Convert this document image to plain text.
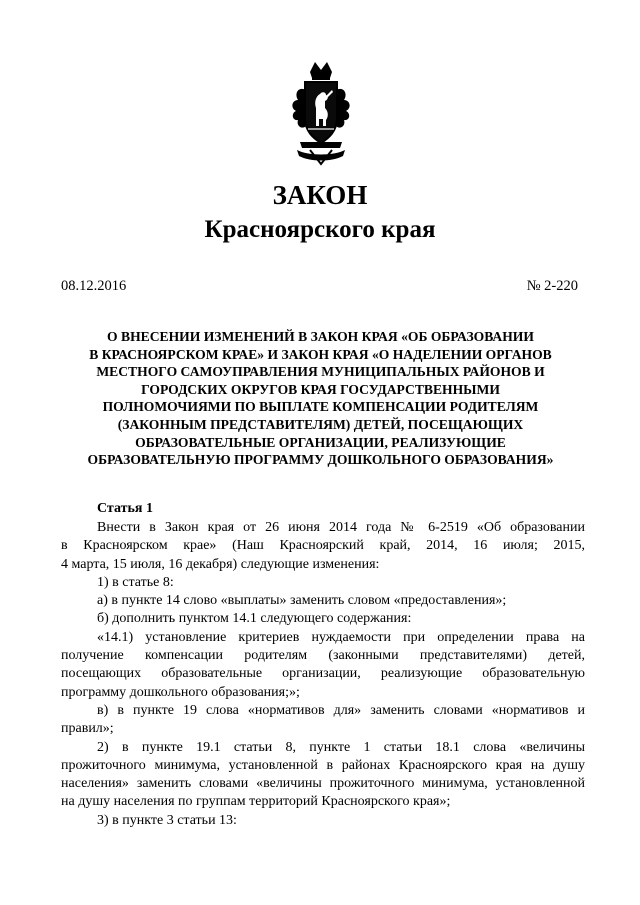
ЗАКОН
Красноярского края
08.12.2016	№ 2-220
О ВНЕСЕНИИ ИЗМЕНЕНИЙ В ЗАКОН КРАЯ «ОБ ОБРАЗОВАНИИ
В КРАСНОЯРСКОМ КРАЕ» И ЗАКОН КРАЯ «О НАДЕЛЕНИИ ОРГАНОВ
МЕСТНОГО САМОУПРАВЛЕНИЯ МУНИЦИПАЛЬНЫХ РАЙОНОВ И
ГОРОДСКИХ ОКРУГОВ КРАЯ ГОСУДАРСТВЕННЫМИ
ПОЛНОМОЧИЯМИ ПО ВЫПЛАТЕ КОМПЕНСАЦИИ РОДИТЕЛЯМ
(ЗАКОННЫМ ПРЕДСТАВИТЕЛЯМ) ДЕТЕЙ, ПОСЕЩАЮЩИХ
ОБРАЗОВАТЕЛЬНЫЕ ОРГАНИЗАЦИИ, РЕАЛИЗУЮЩИЕ
ОБРАЗОВАТЕЛЬНУЮ ПРОГРАММУ ДОШКОЛЬНОГО ОБРАЗОВАНИЯ»
Статья 1
Внести в Закон края от 26 июня 2014 года № 6-2519 «Об образовании
в Красноярском крае» (Наш Красноярский край, 2014, 16 июля; 2015,
4 марта, 15 июля, 16 декабря) следующие изменения:
1) в статье 8:
а) в пункте 14 слово «выплаты» заменить словом «предоставления»;
б) дополнить пунктом 14.1 следующего содержания:
«14.1) установление критериев нуждаемости при определении права на
получение компенсации родителям (законными представителями) детей,
посещающих образовательные организации, реализующие образовательную
программу дошкольного образования;»;
в) в пункте 19 слова «нормативов для» заменить словами «нормативов и
правил»;
2) в пункте 19.1 статьи 8, пункте 1 статьи 18.1 слова «величины
прожиточного минимума, установленной в районах Красноярского края на душу
населения» заменить словами «величины прожиточного минимума, установленной
на душу населения по группам территорий Красноярского края»;
3) в пункте 3 статьи 13:
